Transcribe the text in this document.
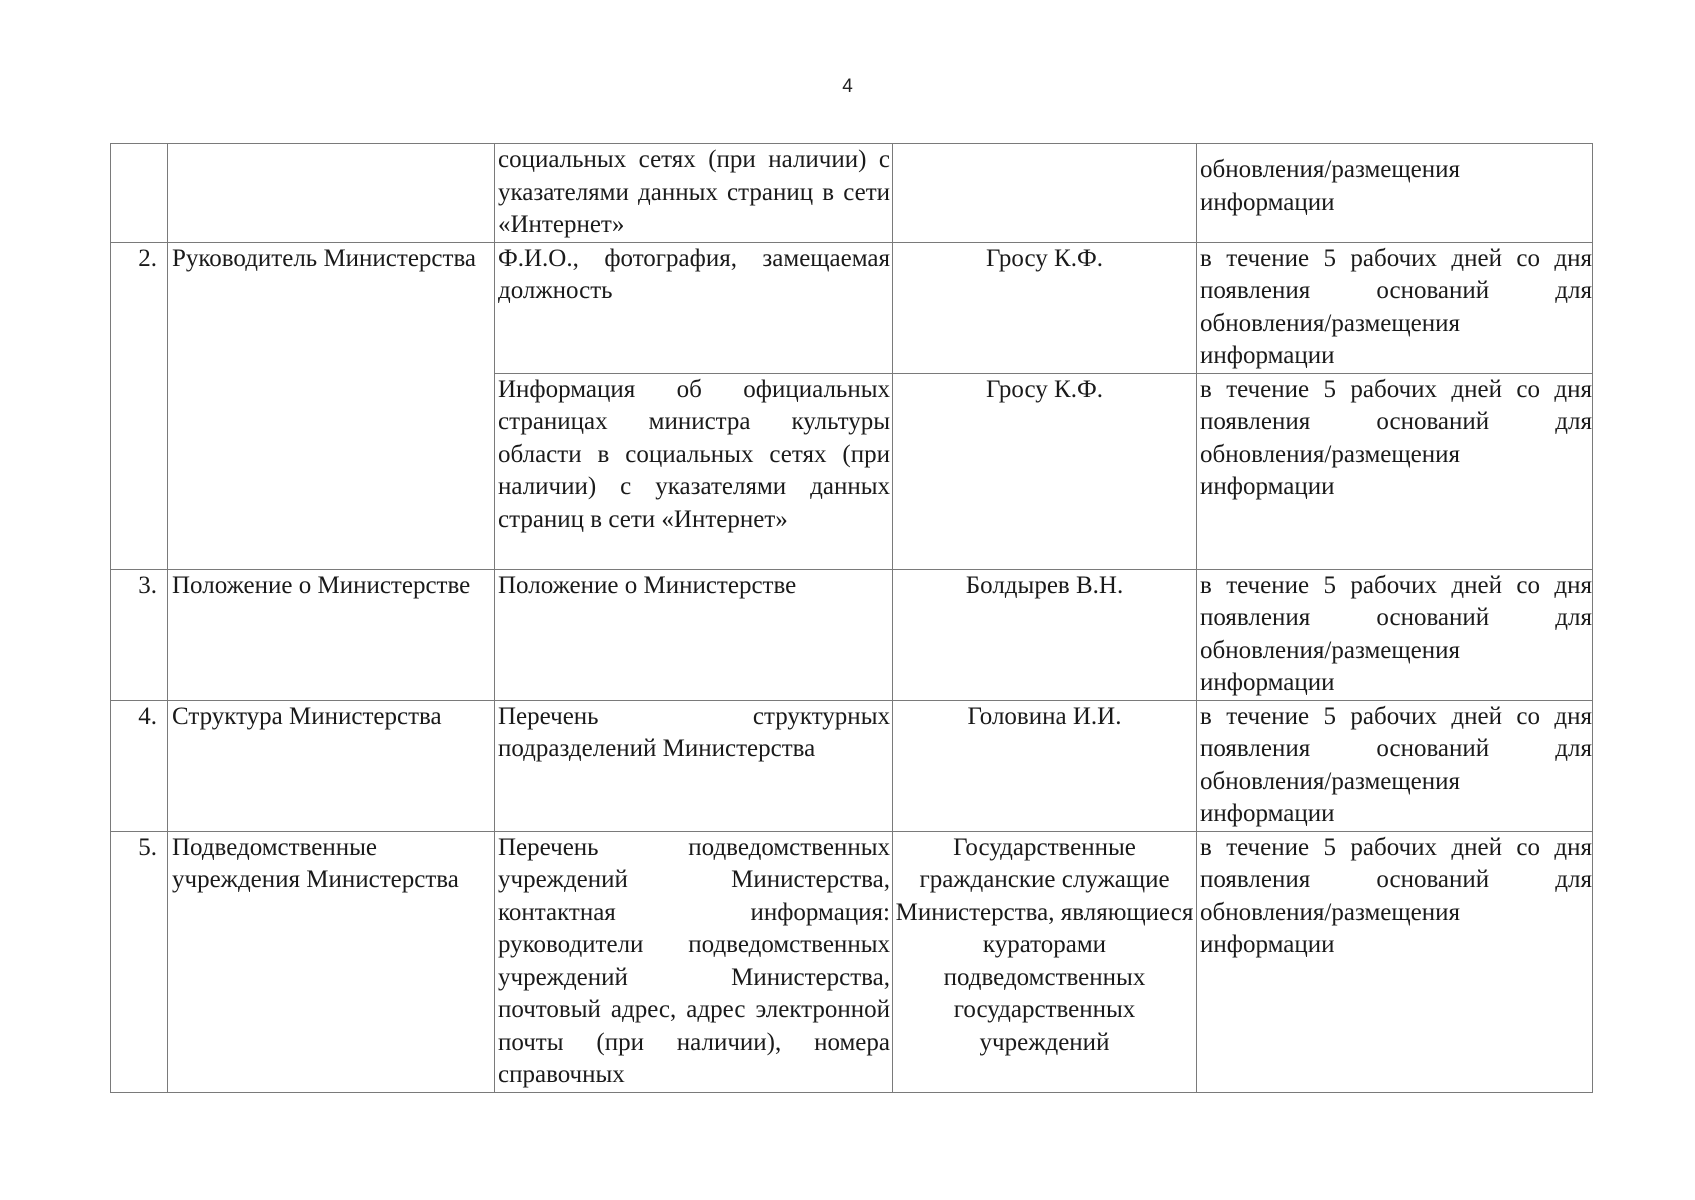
4
		социальных сетях (при наличии) с указателями данных страниц в сети «Интернет»		обновления/размещения информации

2.	Руководитель Министерства	Ф.И.О., фотография, замещаемая должность	Гросу К.Ф.	в течение 5 рабочих дней со дня появления оснований для обновления/размещения информации
		Информация об официальных страницах министра культуры области в социальных сетях (при наличии) с указателями данных страниц в сети «Интернет»	Гросу К.Ф.	в течение 5 рабочих дней со дня появления оснований для обновления/размещения информации
3.	Положение о Министерстве	Положение о Министерстве	Болдырев В.Н.	в течение 5 рабочих дней со дня появления оснований для обновления/размещения информации
4.	Структура Министерства	Перечень структурных подразделений Министерства	Головина И.И.	в течение 5 рабочих дней со дня появления оснований для обновления/размещения информации
5.	Подведомственные учреждения Министерства	Перечень подведомственных учреждений Министерства, контактная информация: руководители подведомственных учреждений Министерства, почтовый адрес, адрес электронной почты (при наличии), номера справочных	Государственные гражданские служащие Министерства, являющиеся кураторами подведомственных государственных учреждений	в течение 5 рабочих дней со дня появления оснований для обновления/размещения информации
